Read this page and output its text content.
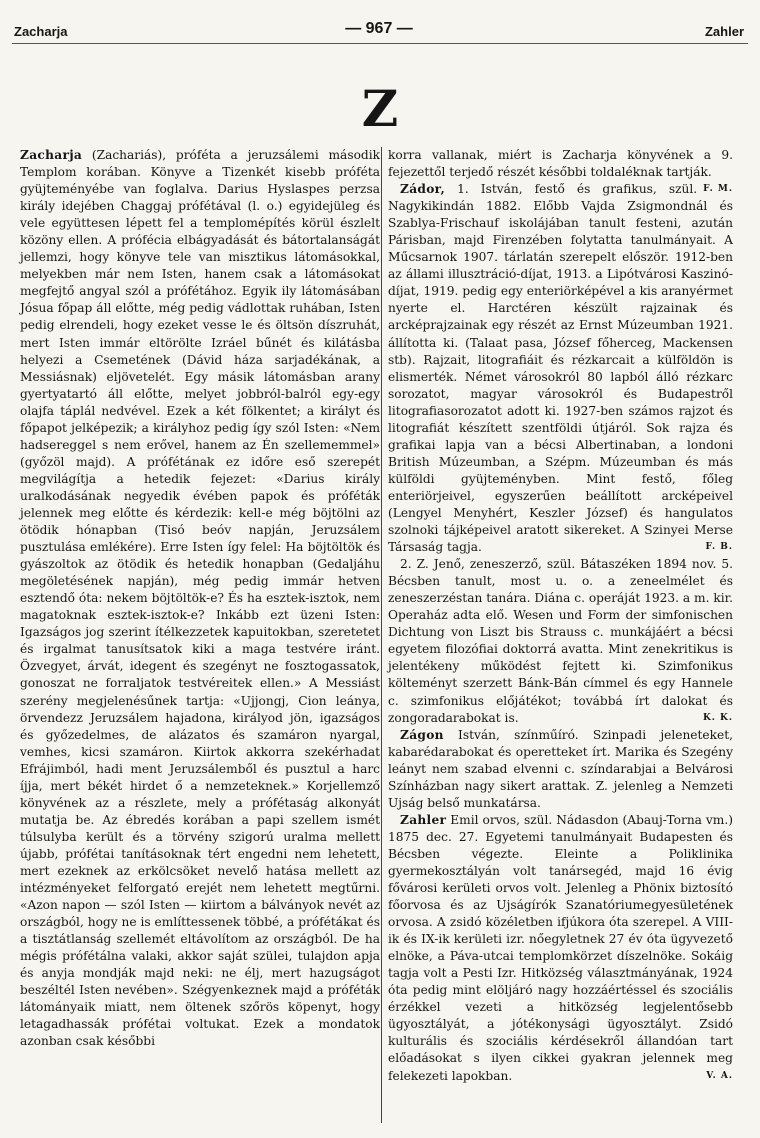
Zacharja	— 967 —	Zahler
Z

Zacharja (Zachariás), próféta a jeruzsálemi második Templom korában. Könyve a Tizenkét kisebb próféta gyüjteményébe van foglalva. Darius Hyslaspes perzsa király idejében Chaggaj prófétával (l. o.) egyidejüleg és vele együttesen lépett fel a templomépítés körül észlelt közöny ellen. A prófécia elbágyadását és bátortalanságát jellemzi, hogy könyve tele van misztikus látomásokkal, melyekben már nem Isten, hanem csak a látomásokat megfejtő angyal szól a prófétához. Egyik ily látomásában Jósua főpap áll előtte, még pedig vádlottak ruhában, Isten pedig elrendeli, hogy ezeket vesse le és öltsön díszruhát, mert Isten immár eltörölte Izráel bűnét és kilátásba helyezi a Csemetének (Dávid háza sarjadékának, a Messiásnak) eljövetelét. Egy másik látomásban arany gyertyatartó áll előtte, melyet jobbról-balról egy-egy olajfa táplál nedvével. Ezek a két fölkentet; a királyt és főpapot jelképezik; a királyhoz pedig így szól Isten: «Nem hadsereggel s nem erővel, hanem az Én szellememmel» (győzöl majd). A prófétának ez időre eső szerepét megvilágítja a hetedik fejezet: «Darius király uralkodásának negyedik évében papok és próféták jelennek meg előtte és kérdezik: kell-e még böjtölni az ötödik hónapban (Tisó beóv napján, Jeruzsálem pusztulása emlékére). Erre Isten így felel: Ha böjtöltök és gyászoltok az ötödik és hetedik honapban (Gedaljáhu megöletésének napján), még pedig immár hetven esztendő óta: nekem böjtöltök-e? És ha esztek-isztok, nem magatoknak esztek-isztok-e? Inkább ezt üzeni Isten: Igazságos jog szerint ítélkezzetek kapuitokban, szeretetet és irgalmat tanusítsatok kiki a maga testvére iránt. Özvegyet, árvát, idegent és szegényt ne fosztogassatok, gonoszat ne forraljatok testvéreitek ellen.» A Messiást szerény megjelenésűnek tartja: «Ujjongj, Cion leánya, örvendezz Jeruzsálem hajadona, királyod jön, igazságos és győzedelmes, de alázatos és szamáron nyargal, vemhes, kicsi szamáron. Kiirtok akkorra szekérhadat Efrájimból, hadi ment Jeruzsálemből és pusztul a harc íjja, mert békét hirdet ő a nemzeteknek.» Korjellemző könyvének az a részlete, mely a prófétaság alkonyát mutatja be. Az ébredés korában a papi szellem ismét túlsulyba került és a törvény szigorú uralma mellett újabb, prófétai tanításoknak tért engedni nem lehetett, mert ezeknek az erkölcsöket nevelő hatása mellett az intézményeket felforgató erejét nem lehetett megtűrni. «Azon napon — szól Isten — kiirtom a bálványok nevét az országból, hogy ne is említtessenek többé, a prófétákat és a tisztátlanság szellemét eltávolítom az országból. De ha mégis prófétálna valaki, akkor saját szülei, tulajdon apja és anyja mondják majd neki: ne élj, mert hazugságot beszéltél Isten nevében». Szégyenkeznek majd a próféták látományaik miatt, nem öltenek szőrös köpenyt, hogy letagadhassák prófétai voltukat. Ezek a mondatok azonban csak későbbi

korra vallanak, miért is Zacharja könyvének a 9. fejezettől terjedő részét későbbi toldaléknak tartják.
F. M.

Zádor, 1. István, festő és grafikus, szül. Nagykikindán 1882. Előbb Vajda Zsigmondnál és Szablya-Frischauf iskolájában tanult festeni, azután Párisban, majd Firenzében folytatta tanulmányait. A Műcsarnok 1907. tárlatán szerepelt először. 1912-ben az állami illusztráció-díjat, 1913. a Lipótvárosi Kaszinó-díjat, 1919. pedig egy enteriörképével a kis aranyérmet nyerte el. Harctéren készült rajzainak és arcképrajzainak egy részét az Ernst Múzeumban 1921. állította ki. (Talaat pasa, József főherceg, Mackensen stb). Rajzait, litografiáit és rézkarcait a külföldön is elismerték. Német városokról 80 lapból álló rézkarc sorozatot, magyar városokról és Budapestről litografiasorozatot adott ki. 1927-ben számos rajzot és litografiát készített szentföldi útjáról. Sok rajza és grafikai lapja van a bécsi Albertinaban, a londoni British Múzeumban, a Szépm. Múzeumban és más külföldi gyüjteményben. Mint festő, főleg enteriörjeivel, egyszerűen beállított arcképeivel (Lengyel Menyhért, Keszler József) és hangulatos szolnoki tájképeivel aratott sikereket. A Szinyei Merse Társaság tagja.	F. B.

2. Z. Jenő, zeneszerző, szül. Bátaszéken 1894 nov. 5. Bécsben tanult, most u. o. a zeneelmélet és zeneszerzéstan tanára. Diána c. operáját 1923. a m. kir. Operaház adta elő. Wesen und Form der simfonischen Dichtung von Liszt bis Strauss c. munkájáért a bécsi egyetem filozófiai doktorrá avatta. Mint zenekritikus is jelentékeny működést fejtett ki. Szimfonikus költeményt szerzett Bánk-Bán címmel és egy Hannele c. szimfonikus előjátékot; továbbá írt dalokat és zongoradarabokat is.	K. K.

Zágon István, színműíró. Szinpadi jeleneteket, kabarédarabokat és operetteket írt. Marika és Szegény leányt nem szabad elvenni c. színdarabjai a Belvárosi Színházban nagy sikert arattak. Z. jelenleg a Nemzeti Ujság belső munkatársa.

Zahler Emil orvos, szül. Nádasdon (Abauj-Torna vm.) 1875 dec. 27. Egyetemi tanulmányait Budapesten és Bécsben végezte. Eleinte a Poliklinika gyermekosztályán volt tanársegéd, majd 16 évig fővárosi kerületi orvos volt. Jelenleg a Phönix biztosító főorvosa és az Ujságírók Szanatóriumegyesületének orvosa. A zsidó közéletben ifjúkora óta szerepel. A VIII-ik és IX-ik kerületi izr. nőegyletnek 27 év óta ügyvezető elnöke, a Páva-utcai templomkörzet díszelnöke. Sokáig tagja volt a Pesti Izr. Hitközség választmányának, 1924 óta pedig mint elöljáró nagy hozzáértéssel és szociális érzékkel vezeti a hitközség legjelentősebb ügyosztályát, a jótékonysági ügyosztályt. Zsidó kulturális és szociális kérdésekről állandóan tart előadásokat s ilyen cikkei gyakran jelennek meg felekezeti lapokban.	V. A.
